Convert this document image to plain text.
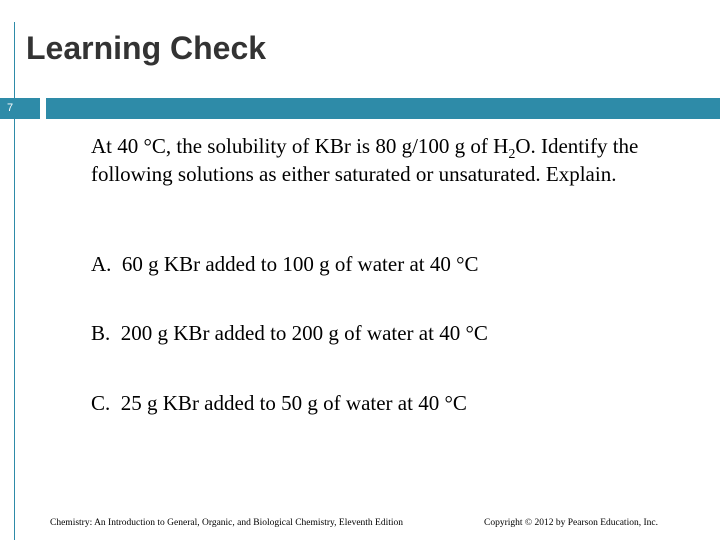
Learning Check
7
At 40 °C, the solubility of KBr is 80 g/100 g of $H_2O$. Identify the following solutions as either saturated or unsaturated. Explain.
A. 60 g KBr added to 100 g of water at 40 °C
B. 200 g KBr added to 200 g of water at 40 °C
C. 25 g KBr added to 50 g of water at 40 °C
Chemistry: An Introduction to General, Organic, and Biological Chemistry, Eleventh Edition	Copyright © 2012 by Pearson Education, Inc.
